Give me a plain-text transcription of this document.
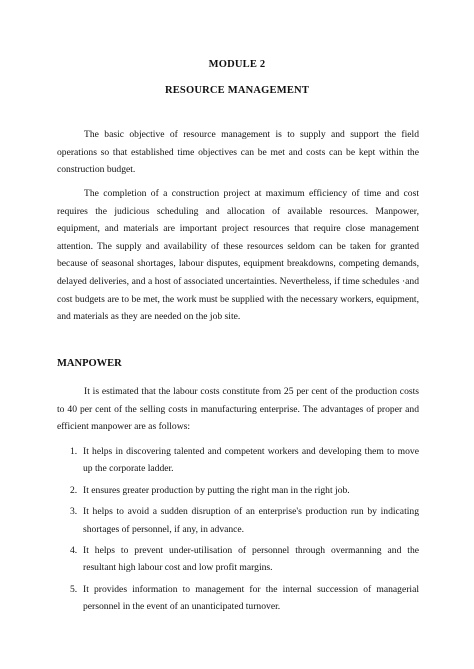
MODULE 2
RESOURCE MANAGEMENT

The basic objective of resource management is to supply and support the field operations so that established time objectives can be met and costs can be kept within the construction budget.

The completion of a construction project at maximum efficiency of time and cost requires the judicious scheduling and allocation of available resources. Manpower, equipment, and materials are important project resources that require close management attention. The supply and availability of these resources seldom can be taken for granted because of seasonal shortages, labour disputes, equipment breakdowns, competing demands, delayed deliveries, and a host of associated uncertainties. Nevertheless, if time schedules ·and cost budgets are to be met, the work must be supplied with the necessary workers, equipment, and materials as they are needed on the job site.

MANPOWER

It is estimated that the labour costs constitute from 25 per cent of the production costs to 40 per cent of the selling costs in manufacturing enterprise. The advantages of proper and efficient manpower are as follows:

1. It helps in discovering talented and competent workers and developing them to move up the corporate ladder.
2. It ensures greater production by putting the right man in the right job.
3. It helps to avoid a sudden disruption of an enterprise's production run by indicating shortages of personnel, if any, in advance.
4. It helps to prevent under-utilisation of personnel through overmanning and the resultant high labour cost and low profit margins.
5. It provides information to management for the internal succession of managerial personnel in the event of an unanticipated turnover.
